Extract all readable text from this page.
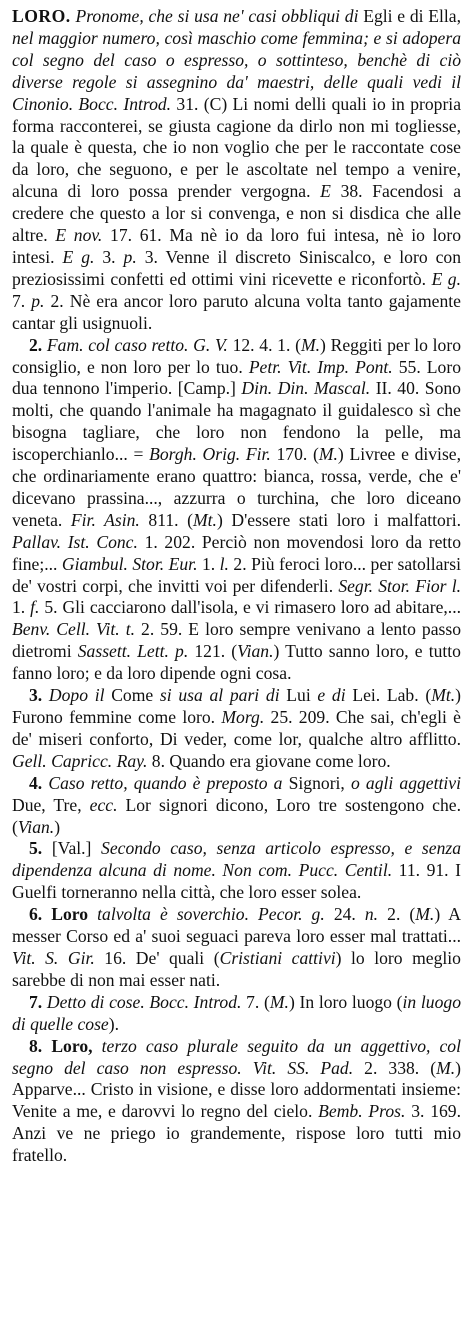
LORO. Pronome, che si usa ne' casi obbliqui di Egli e di Ella, nel maggior numero, così maschio come femmina; e si adopera col segno del caso o espresso, o sottinteso, benchè di ciò diverse regole si assegnino da' maestri, delle quali vedi il Cinonio. Bocc. Introd. 31. (C) Li nomi delli quali io in propria forma racconterei, se giusta cagione da dirlo non mi togliesse, la quale è questa, che io non voglio che per le raccontate cose da loro, che seguono, e per le ascoltate nel tempo a venire, alcuna di loro possa prender vergogna. E 38. Facendosi a credere che questo a lor si convenga, e non si disdica che alle altre. E nov. 17. 61. Ma nè io da loro fui intesa, nè io loro intesi. E g. 3. p. 3. Venne il discreto Siniscalco, e loro con preziosissimi confetti ed ottimi vini ricevette e riconfortò. E g. 7. p. 2. Nè era ancor loro paruto alcuna volta tanto gajamente cantar gli usignuoli.

2. Fam. col caso retto. G. V. 12. 4. 1. (M.) Reggiti per lo loro consiglio, e non loro per lo tuo. Petr. Vit. Imp. Pont. 55. Loro dua tennono l'imperio. [Camp.] Din. Din. Mascal. II. 40. Sono molti, che quando l'animale ha magagnato il guidalesco sì che bisogna tagliare, che loro non fendono la pelle, ma iscoperchianlo... = Borgh. Orig. Fir. 170. (M.) Livree e divise, che ordinariamente erano quattro: bianca, rossa, verde, che e' dicevano prassina..., azzurra o turchina, che loro diceano veneta. Fir. Asin. 811. (Mt.) D'essere stati loro i malfattori. Pallav. Ist. Conc. 1. 202. Perciò non movendosi loro da retto fine;... Giambul. Stor. Eur. 1. l. 2. Più feroci loro... per satollarsi de' vostri corpi, che invitti voi per difenderli. Segr. Stor. Fior l. 1. f. 5. Gli cacciarono dall'isola, e vi rimasero loro ad abitare,... Benv. Cell. Vit. t. 2. 59. E loro sempre venivano a lento passo dietromi Sassett. Lett. p. 121. (Vian.) Tutto sanno loro, e tutto fanno loro; e da loro dipende ogni cosa.

3. Dopo il Come si usa al pari di Lui e di Lei. Lab. (Mt.) Furono femmine come loro. Morg. 25. 209. Che sai, ch'egli è de' miseri conforto, Di veder, come lor, qualche altro afflitto. Gell. Capricc. Ray. 8. Quando era giovane come loro.

4. Caso retto, quando è preposto a Signori, o agli aggettivi Due, Tre, ecc. Lor signori dicono, Loro tre sostengono che. (Vian.)

5. [Val.] Secondo caso, senza articolo espresso, e senza dipendenza alcuna di nome. Non com. Pucc. Centil. 11. 91. I Guelfi torneranno nella città, che loro esser solea.

6. Loro talvolta è soverchio. Pecor. g. 24. n. 2. (M.) A messer Corso ed a' suoi seguaci pareva loro esser mal trattati... Vit. S. Gir. 16. De' quali (Cristiani cattivi) lo loro meglio sarebbe di non mai esser nati.

7. Detto di cose. Bocc. Introd. 7. (M.) In loro luogo (in luogo di quelle cose).

8. Loro, terzo caso plurale seguito da un aggettivo, col segno del caso non espresso. Vit. SS. Pad. 2. 338. (M.) Apparve... Cristo in visione, e disse loro addormentati insieme: Venite a me, e darovvi lo regno del cielo. Bemb. Pros. 3. 169. Anzi ve ne priego io grandemente, rispose loro tutti mio fratello.
